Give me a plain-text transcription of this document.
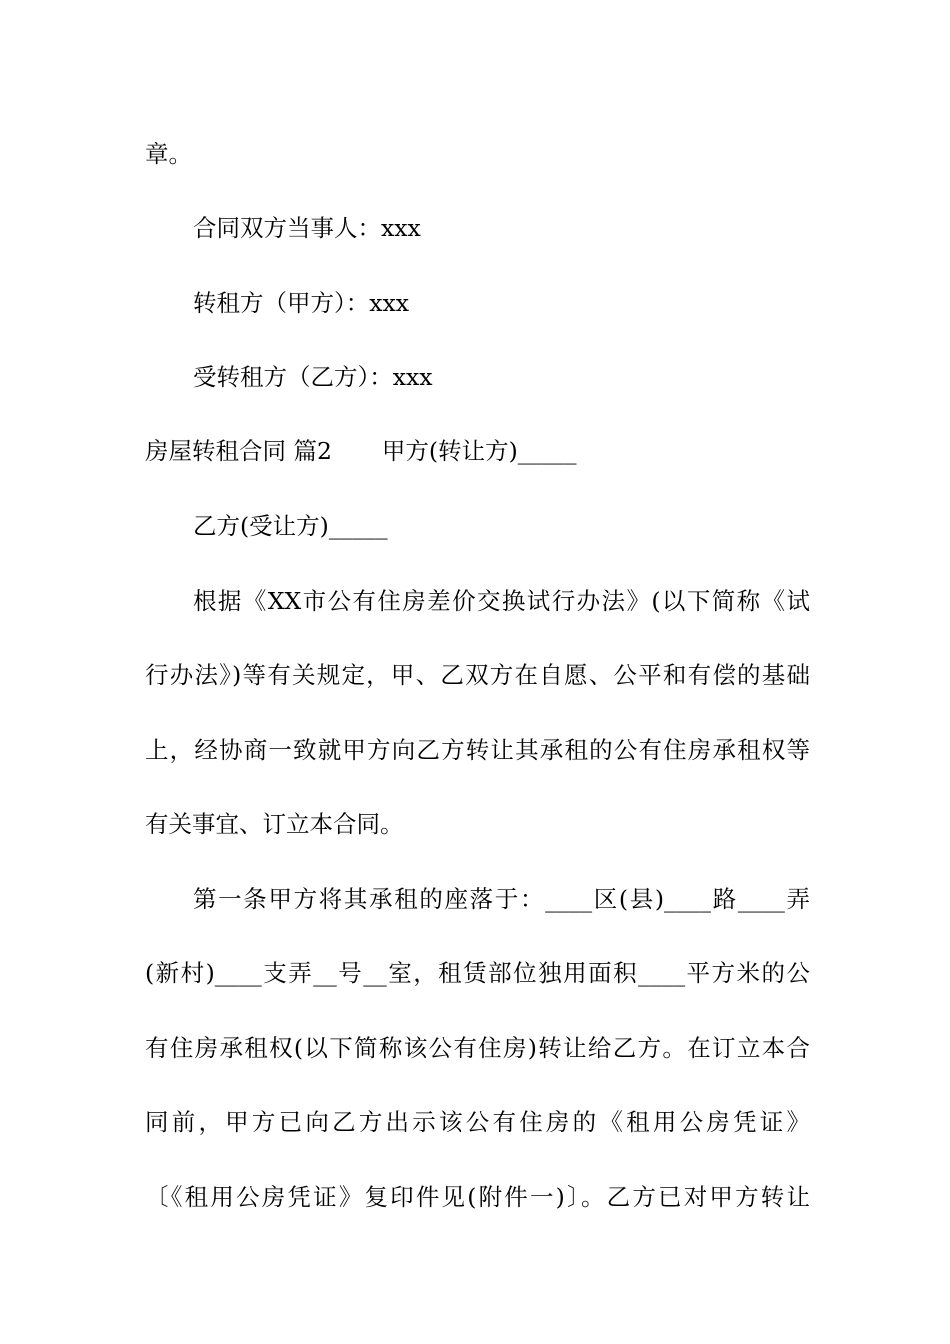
章。
合同双方当事人：xxx
转租方（甲方）：xxx
受转租方（乙方）：xxx
房屋转租合同 篇2 甲方(转让方)_____
乙方(受让方)_____
根据《XX市公有住房差价交换试行办法》(以下简称《试
行办法》)等有关规定，甲、乙双方在自愿、公平和有偿的基础
上，经协商一致就甲方向乙方转让其承租的公有住房承租权等
有关事宜、订立本合同。
第一条甲方将其承租的座落于：____区(县)____路____弄
(新村)____支弄__号__室，租赁部位独用面积____平方米的公
有住房承租权(以下简称该公有住房)转让给乙方。在订立本合
同前，甲方已向乙方出示该公有住房的《租用公房凭证》
〔《租用公房凭证》复印件见(附件一)〕。乙方已对甲方转让
